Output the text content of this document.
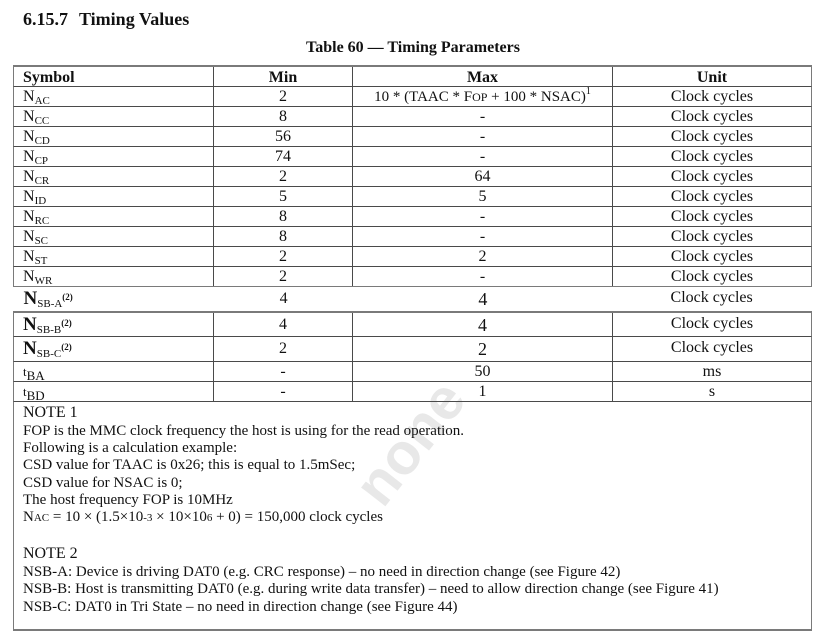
6.15.7 Timing Values
Table 60 — Timing Parameters
none
Symbol	Min	Max	Unit
$N_{AC}$	2	10 * (TAAC * FOP + 100 * NSAC)$^1$	Clock cycles
$N_{CC}$	8	-	Clock cycles
$N_{CD}$	56	-	Clock cycles
$N_{CP}$	74	-	Clock cycles
$N_{CR}$	2	64	Clock cycles
$N_{ID}$	5	5	Clock cycles
$N_{RC}$	8	-	Clock cycles
$N_{SC}$	8	-	Clock cycles
$N_{ST}$	2	2	Clock cycles
$N_{WR}$	2	-	Clock cycles
$N_{SB-A}^{(2)}$	4	4	Clock cycles
$N_{SB-B}^{(2)}$	4	4	Clock cycles
$N_{SB-C}^{(2)}$	2	2	Clock cycles
$t_{BA}$	-	50	ms
$t_{BD}$	-	1	s
NOTE 1
FOP is the MMC clock frequency the host is using for the read operation.
Following is a calculation example:
CSD value for TAAC is 0x26; this is equal to 1.5mSec;
CSD value for NSAC is 0;
The host frequency FOP is 10MHz
NAC = 10 × (1.5×10-3 × 10×106 + 0) = 150,000 clock cycles
NOTE 2
NSB-A: Device is driving DAT0 (e.g. CRC response) – no need in direction change (see Figure 42)
NSB-B: Host is transmitting DAT0 (e.g. during write data transfer) – need to allow direction change (see Figure 41)
NSB-C: DAT0 in Tri State – no need in direction change (see Figure 44)
